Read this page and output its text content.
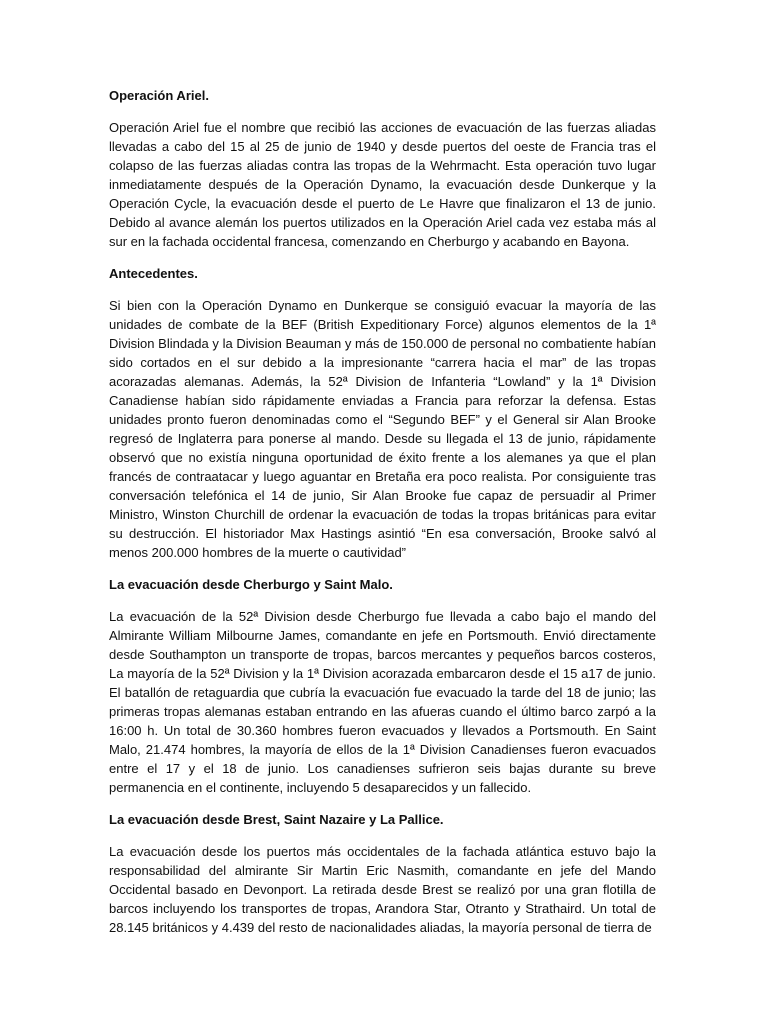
Operación Ariel.

Operación Ariel fue el nombre que recibió las acciones de evacuación de las fuerzas aliadas llevadas a cabo del 15 al 25 de junio de 1940 y desde puertos del oeste de Francia tras el colapso de las fuerzas aliadas contra las tropas de la Wehrmacht. Esta operación tuvo lugar inmediatamente después de la Operación Dynamo, la evacuación desde Dunkerque y la Operación Cycle, la evacuación desde el puerto de Le Havre que finalizaron el 13 de junio. Debido al avance alemán los puertos utilizados en la Operación Ariel cada vez estaba más al sur en la fachada occidental francesa, comenzando en Cherburgo y acabando en Bayona.

Antecedentes.

Si bien con la Operación Dynamo en Dunkerque se consiguió evacuar la mayoría de las unidades de combate de la BEF (British Expeditionary Force) algunos elementos de la 1ª Division Blindada y la Division Beauman y más de 150.000 de personal no combatiente habían sido cortados en el sur debido a la impresionante “carrera hacia el mar” de las tropas acorazadas alemanas. Además, la 52ª Division de Infanteria “Lowland” y la 1ª Division Canadiense habían sido rápidamente enviadas a Francia para reforzar la defensa. Estas unidades pronto fueron denominadas como el “Segundo BEF” y el General sir Alan Brooke regresó de Inglaterra para ponerse al mando. Desde su llegada el 13 de junio, rápidamente observó que no existía ninguna oportunidad de éxito frente a los alemanes ya que el plan francés de contraatacar y luego aguantar en Bretaña era poco realista. Por consiguiente tras conversación telefónica el 14 de junio, Sir Alan Brooke fue capaz de persuadir al Primer Ministro, Winston Churchill de ordenar la evacuación de todas la tropas británicas para evitar su destrucción. El historiador Max Hastings asintió “En esa conversación, Brooke salvó al menos 200.000 hombres de la muerte o cautividad”

La evacuación desde Cherburgo y Saint Malo.

La evacuación de la 52ª Division desde Cherburgo fue llevada a cabo bajo el mando del Almirante William Milbourne James, comandante en jefe en Portsmouth. Envió directamente desde Southampton un transporte de tropas, barcos mercantes y pequeños barcos costeros, La mayoría de la 52ª Division y la 1ª Division acorazada embarcaron desde el 15 a17 de junio. El batallón de retaguardia que cubría la evacuación fue evacuado la tarde del 18 de junio; las primeras tropas alemanas estaban entrando en las afueras cuando el último barco zarpó a la 16:00 h. Un total de 30.360 hombres fueron evacuados y llevados a Portsmouth. En Saint Malo, 21.474 hombres, la mayoría de ellos de la 1ª Division Canadienses fueron evacuados entre el 17 y el 18 de junio. Los canadienses sufrieron seis bajas durante su breve permanencia en el continente, incluyendo 5 desaparecidos y un fallecido.

La evacuación desde Brest, Saint Nazaire y La Pallice.

La evacuación desde los puertos más occidentales de la fachada atlántica estuvo bajo la responsabilidad del almirante Sir Martin Eric Nasmith, comandante en jefe del Mando Occidental basado en Devonport. La retirada desde Brest se realizó por una gran flotilla de barcos incluyendo los transportes de tropas, Arandora Star, Otranto y Strathaird. Un total de 28.145 británicos y 4.439 del resto de nacionalidades aliadas, la mayoría personal de tierra de
